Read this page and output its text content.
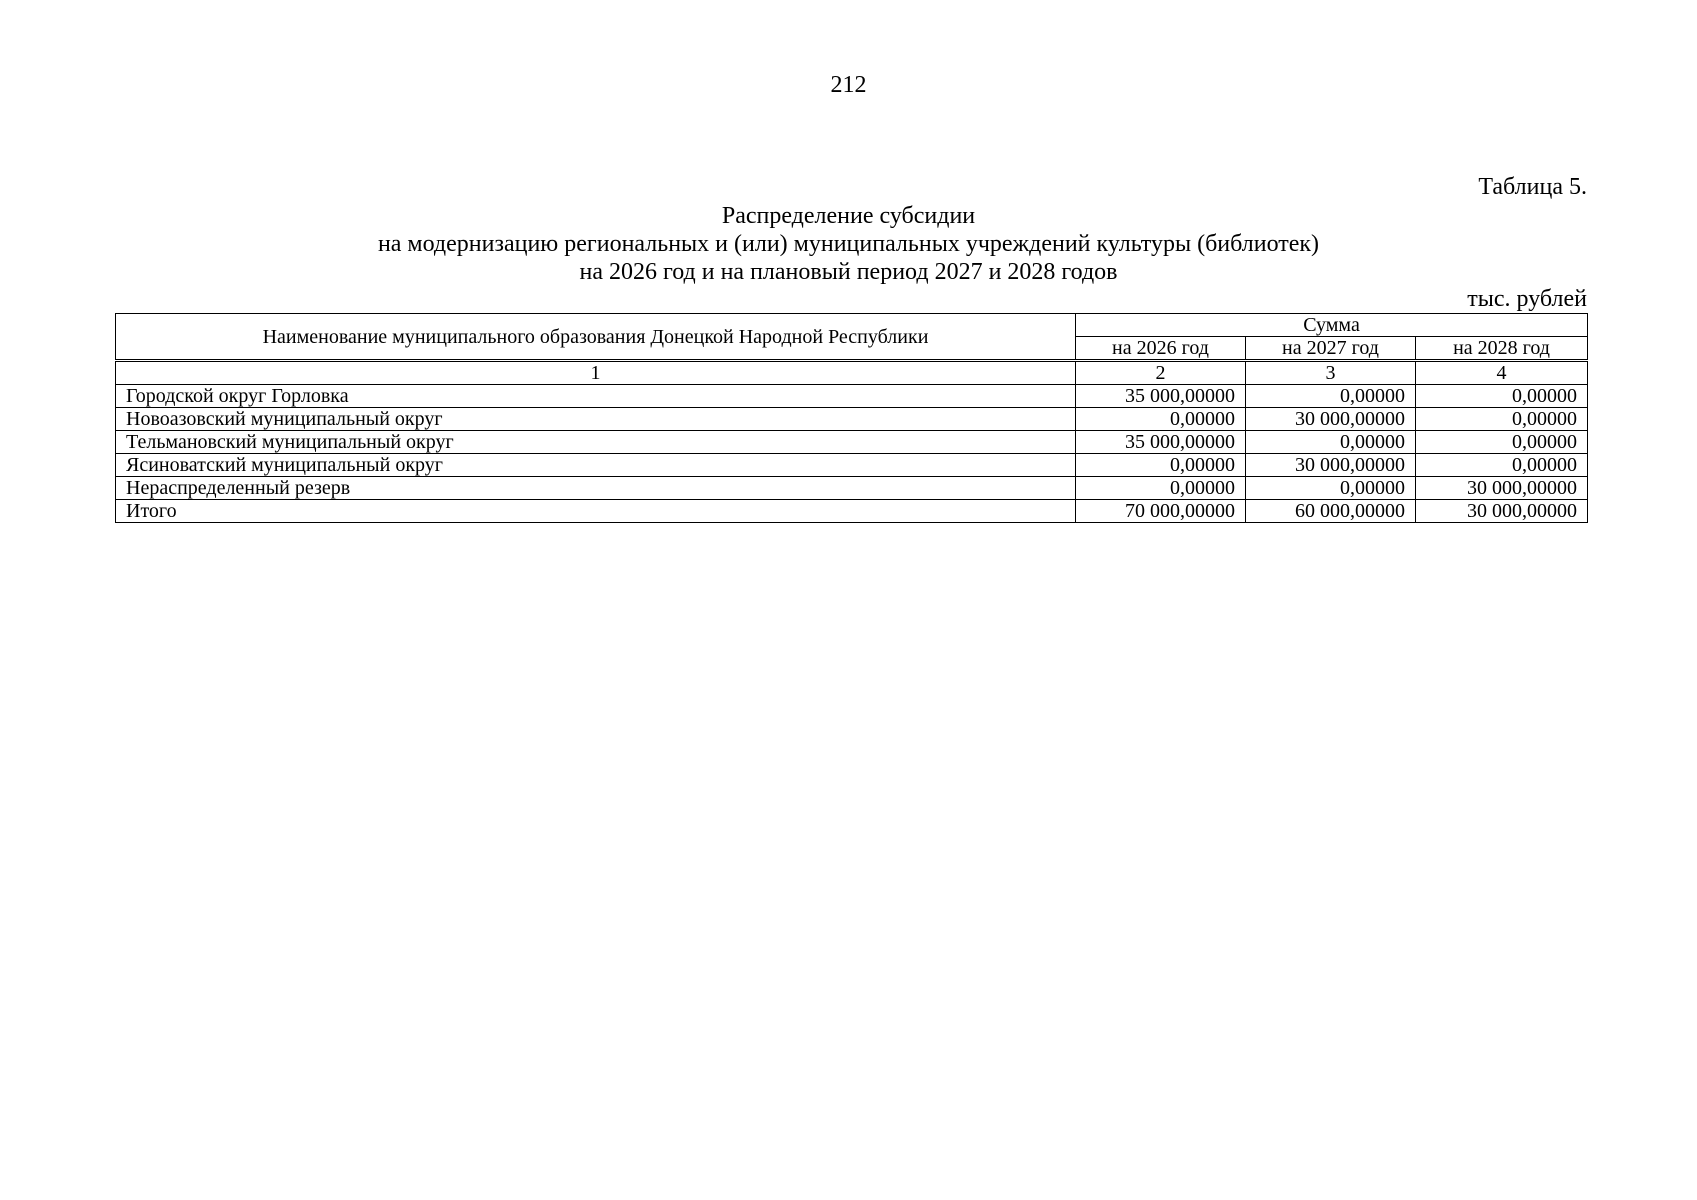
212
Таблица 5.
Распределение субсидии
на модернизацию региональных и (или) муниципальных учреждений культуры (библиотек)
на 2026 год и на плановый период 2027 и 2028 годов
тыс. рублей
Наименование муниципального образования Донецкой Народной Республики	Сумма		
	на 2026 год	на 2027 год	на 2028 год
1	2	3	4
Городской округ Горловка	35 000,00000	0,00000	0,00000
Новоазовский муниципальный округ	0,00000	30 000,00000	0,00000
Тельмановский муниципальный округ	35 000,00000	0,00000	0,00000
Ясиноватский муниципальный округ	0,00000	30 000,00000	0,00000
Нераспределенный резерв	0,00000	0,00000	30 000,00000
Итого	70 000,00000	60 000,00000	30 000,00000
